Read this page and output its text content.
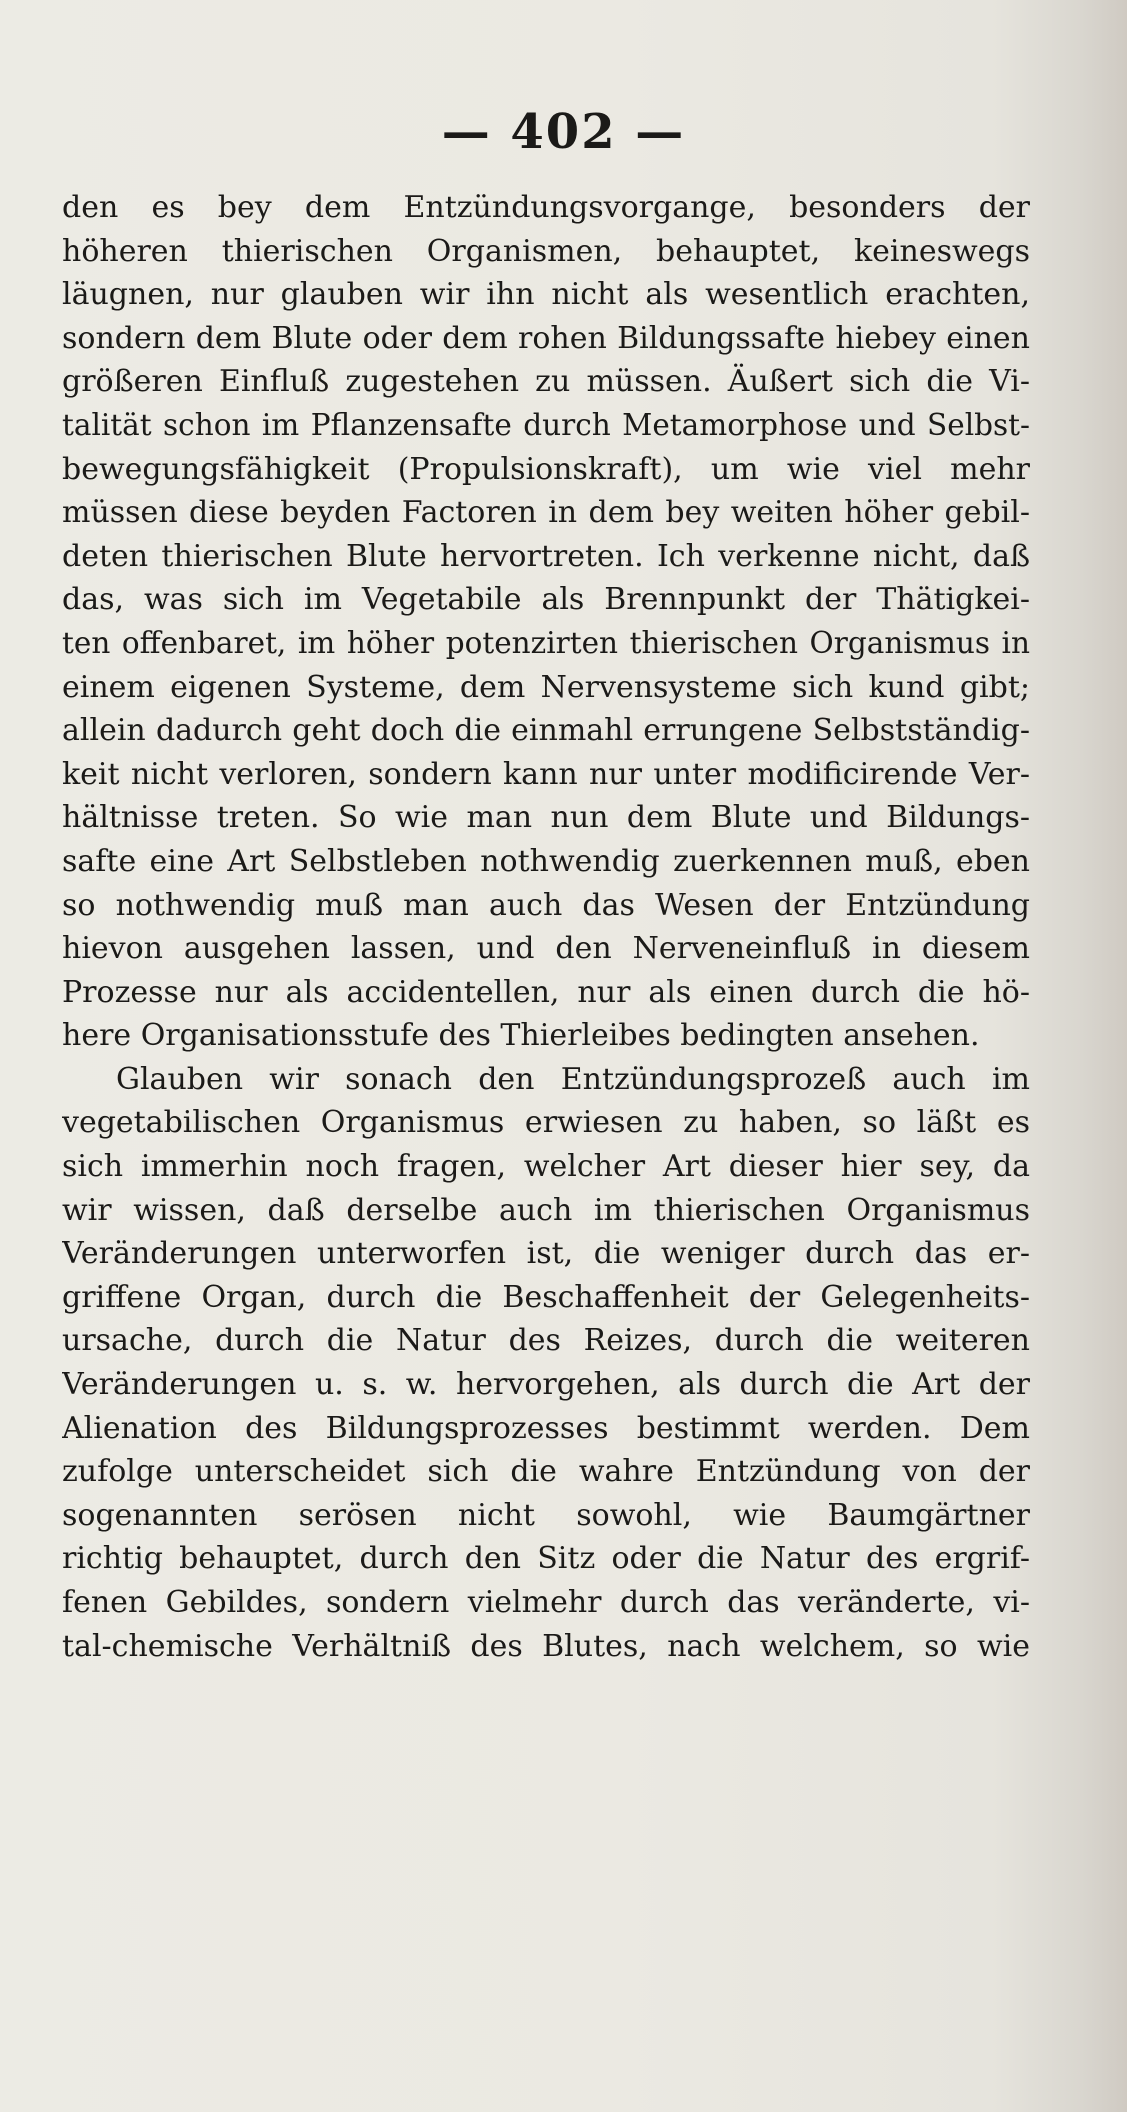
— 402 —
den es bey dem Entzündungsvorgange, besonders der
höheren thierischen Organismen, behauptet, keineswegs
läugnen, nur glauben wir ihn nicht als wesentlich erachten,
sondern dem Blute oder dem rohen Bildungssafte hiebey einen
größeren Einfluß zugestehen zu müssen. Äußert sich die Vi-
talität schon im Pflanzensafte durch Metamorphose und Selbst-
bewegungsfähigkeit (Propulsionskraft), um wie viel mehr
müssen diese beyden Factoren in dem bey weiten höher gebil-
deten thierischen Blute hervortreten. Ich verkenne nicht, daß
das, was sich im Vegetabile als Brennpunkt der Thätigkei-
ten offenbaret, im höher potenzirten thierischen Organismus in
einem eigenen Systeme, dem Nervensysteme sich kund gibt;
allein dadurch geht doch die einmahl errungene Selbstständig-
keit nicht verloren, sondern kann nur unter modificirende Ver-
hältnisse treten. So wie man nun dem Blute und Bildungs-
safte eine Art Selbstleben nothwendig zuerkennen muß, eben
so nothwendig muß man auch das Wesen der Entzündung
hievon ausgehen lassen, und den Nerveneinfluß in diesem
Prozesse nur als accidentellen, nur als einen durch die hö-
here Organisationsstufe des Thierleibes bedingten ansehen.
Glauben wir sonach den Entzündungsprozeß auch im
vegetabilischen Organismus erwiesen zu haben, so läßt es
sich immerhin noch fragen, welcher Art dieser hier sey, da
wir wissen, daß derselbe auch im thierischen Organismus
Veränderungen unterworfen ist, die weniger durch das er-
griffene Organ, durch die Beschaffenheit der Gelegenheits-
ursache, durch die Natur des Reizes, durch die weiteren
Veränderungen u. s. w. hervorgehen, als durch die Art der
Alienation des Bildungsprozesses bestimmt werden. Dem
zufolge unterscheidet sich die wahre Entzündung von der
sogenannten serösen nicht sowohl, wie Baumgärtner
richtig behauptet, durch den Sitz oder die Natur des ergrif-
fenen Gebildes, sondern vielmehr durch das veränderte, vi-
tal-chemische Verhältniß des Blutes, nach welchem, so wie
